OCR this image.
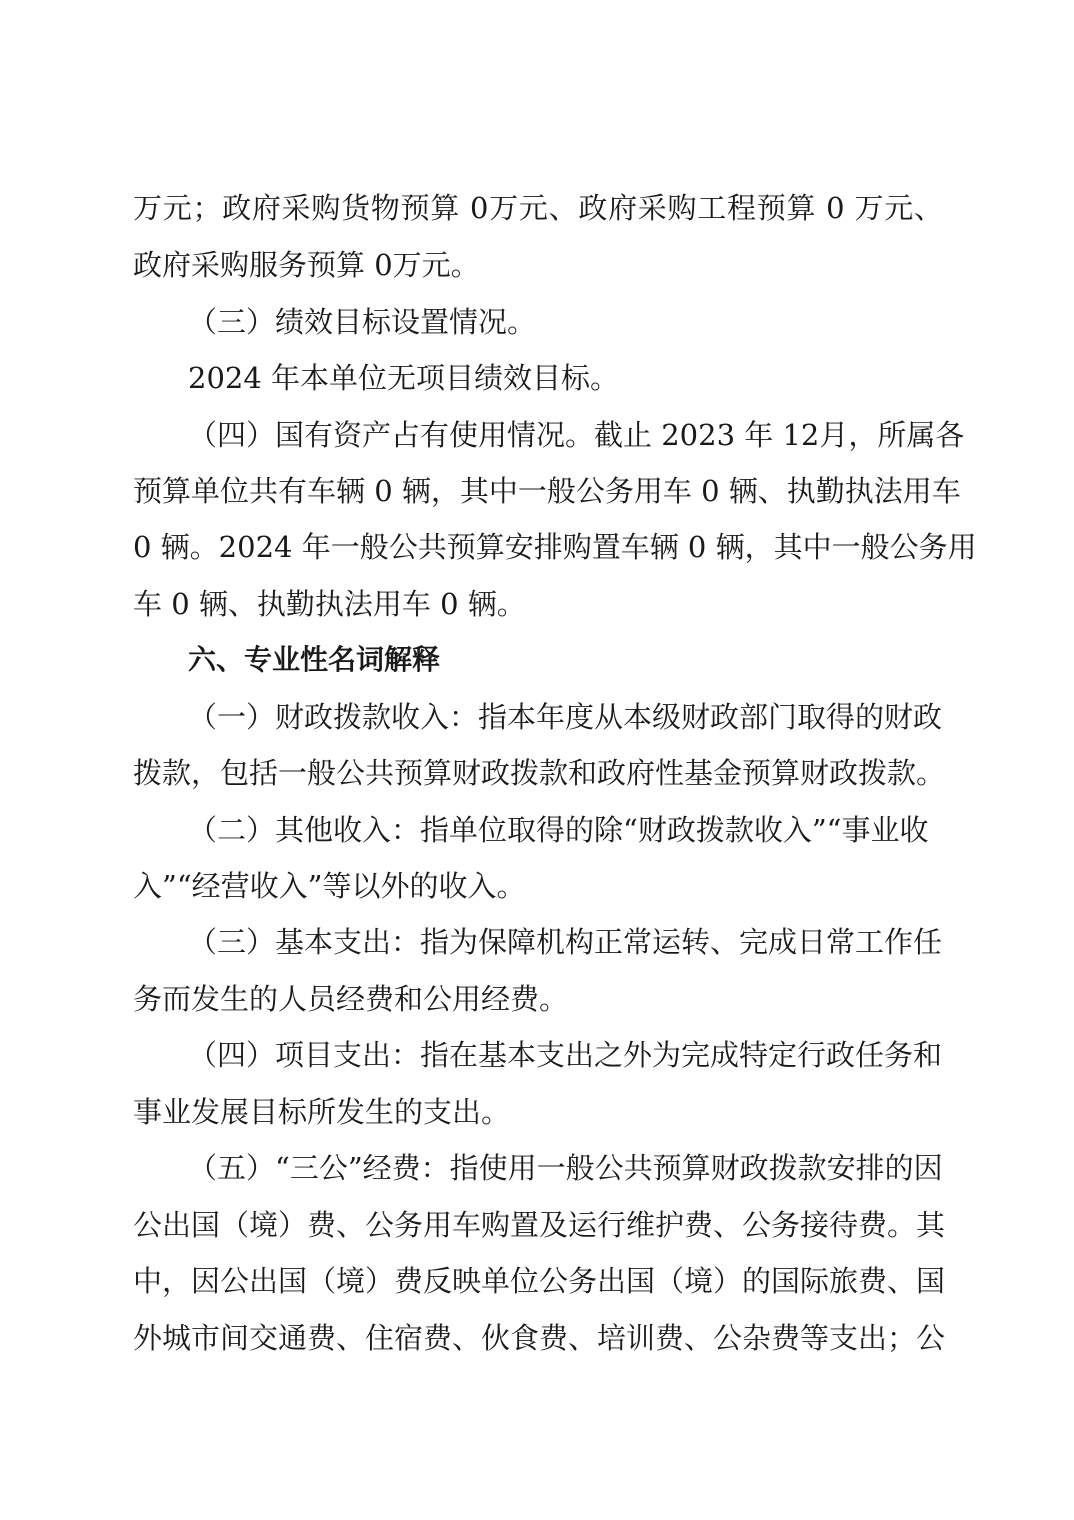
万元；政府采购货物预算 0万元、政府采购工程预算 0 万元、
政府采购服务预算 0万元。
（三）绩效目标设置情况。
2024 年本单位无项目绩效目标。
（四）国有资产占有使用情况。截止 2023 年 12月，所属各
预算单位共有车辆 0 辆，其中一般公务用车 0 辆、执勤执法用车
0 辆。2024 年一般公共预算安排购置车辆 0 辆，其中一般公务用
车 0 辆、执勤执法用车 0 辆。
六、专业性名词解释
（一）财政拨款收入：指本年度从本级财政部门取得的财政
拨款，包括一般公共预算财政拨款和政府性基金预算财政拨款。
（二）其他收入：指单位取得的除“财政拨款收入”“事业收
入”“经营收入”等以外的收入。
（三）基本支出：指为保障机构正常运转、完成日常工作任
务而发生的人员经费和公用经费。
（四）项目支出：指在基本支出之外为完成特定行政任务和
事业发展目标所发生的支出。
（五）“三公”经费：指使用一般公共预算财政拨款安排的因
公出国（境）费、公务用车购置及运行维护费、公务接待费。其
中，因公出国（境）费反映单位公务出国（境）的国际旅费、国
外城市间交通费、住宿费、伙食费、培训费、公杂费等支出；公
